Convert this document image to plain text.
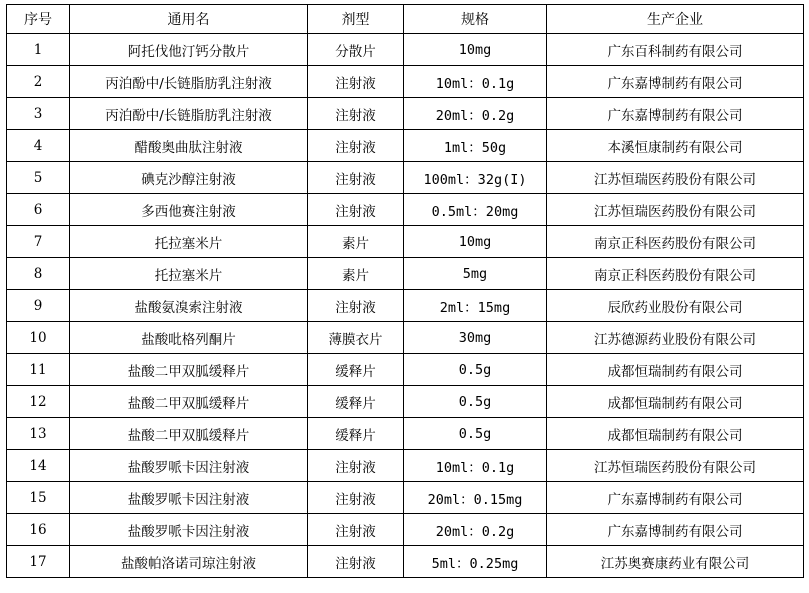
序号	通用名	剂型	规格	生产企业
1	阿托伐他汀钙分散片	分散片	10mg	广东百科制药有限公司
2	丙泊酚中/长链脂肪乳注射液	注射液	10ml：0.1g	广东嘉博制药有限公司
3	丙泊酚中/长链脂肪乳注射液	注射液	20ml：0.2g	广东嘉博制药有限公司
4	醋酸奥曲肽注射液	注射液	1ml：50g	本溪恒康制药有限公司
5	碘克沙醇注射液	注射液	100ml：32g(I)	江苏恒瑞医药股份有限公司
6	多西他赛注射液	注射液	0.5ml：20mg	江苏恒瑞医药股份有限公司
7	托拉塞米片	素片	10mg	南京正科医药股份有限公司
8	托拉塞米片	素片	5mg	南京正科医药股份有限公司
9	盐酸氨溴索注射液	注射液	2ml：15mg	辰欣药业股份有限公司
10	盐酸吡格列酮片	薄膜衣片	30mg	江苏德源药业股份有限公司
11	盐酸二甲双胍缓释片	缓释片	0.5g	成都恒瑞制药有限公司
12	盐酸二甲双胍缓释片	缓释片	0.5g	成都恒瑞制药有限公司
13	盐酸二甲双胍缓释片	缓释片	0.5g	成都恒瑞制药有限公司
14	盐酸罗哌卡因注射液	注射液	10ml：0.1g	江苏恒瑞医药股份有限公司
15	盐酸罗哌卡因注射液	注射液	20ml：0.15mg	广东嘉博制药有限公司
16	盐酸罗哌卡因注射液	注射液	20ml：0.2g	广东嘉博制药有限公司
17	盐酸帕洛诺司琼注射液	注射液	5ml：0.25mg	江苏奥赛康药业有限公司
